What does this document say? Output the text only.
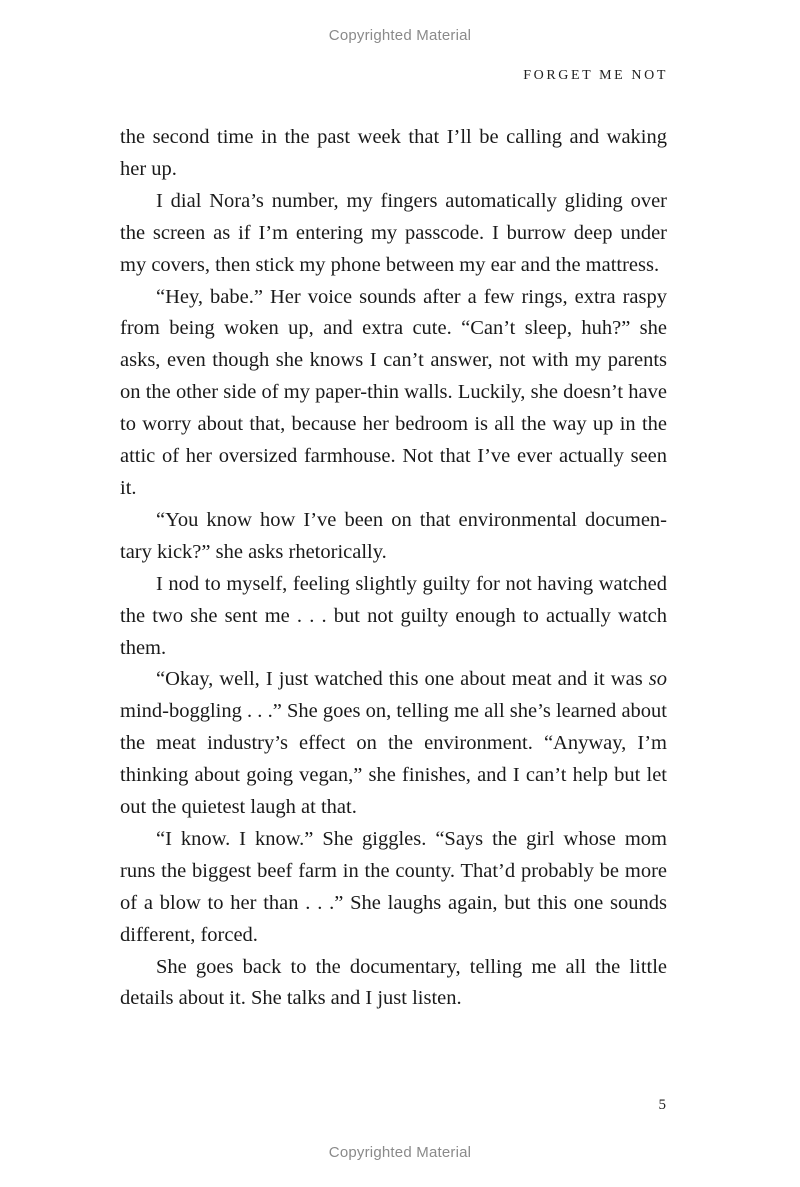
Copyrighted Material
FORGET ME NOT

the second time in the past week that I’ll be calling and waking her up.

I dial Nora’s number, my fingers automatically gliding over the screen as if I’m entering my passcode. I burrow deep under my covers, then stick my phone between my ear and the mattress.

“Hey, babe.” Her voice sounds after a few rings, extra raspy from being woken up, and extra cute. “Can’t sleep, huh?” she asks, even though she knows I can’t answer, not with my parents on the other side of my paper-thin walls. Luckily, she doesn’t have to worry about that, because her bedroom is all the way up in the attic of her oversized farmhouse. Not that I’ve ever actually seen it.

“You know how I’ve been on that environmental documentary kick?” she asks rhetorically.

I nod to myself, feeling slightly guilty for not having watched the two she sent me . . . but not guilty enough to actually watch them.

“Okay, well, I just watched this one about meat and it was so mind-boggling . . .” She goes on, telling me all she’s learned about the meat industry’s effect on the environment. “Anyway, I’m thinking about going vegan,” she finishes, and I can’t help but let out the quietest laugh at that.

“I know. I know.” She giggles. “Says the girl whose mom runs the biggest beef farm in the county. That’d probably be more of a blow to her than . . .” She laughs again, but this one sounds different, forced.

She goes back to the documentary, telling me all the little details about it. She talks and I just listen.

5
Copyrighted Material
